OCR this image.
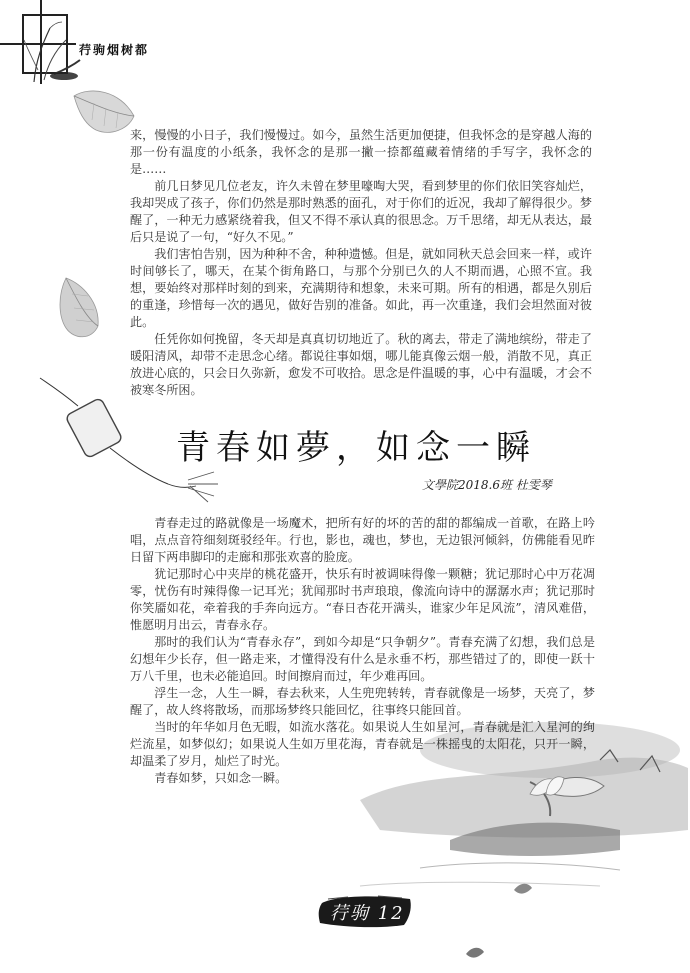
荇驹烟树都

来，慢慢的小日子，我们慢慢过。如今，虽然生活更加便捷，但我怀念的是穿越人海的那一份有温度的小纸条，我怀念的是那一撇一捺都蕴藏着情绪的手写字，我怀念的是……

前几日梦见几位老友，许久未曾在梦里嚎啕大哭，看到梦里的你们依旧笑容灿烂，我却哭成了孩子，你们仍然是那时熟悉的面孔，对于你们的近况，我却了解得很少。梦醒了，一种无力感紧绕着我，但又不得不承认真的很思念。万千思绪，却无从表达，最后只是说了一句，“好久不见。”

我们害怕告别，因为种种不舍，种种遗憾。但是，就如同秋天总会回来一样，或许时间够长了，哪天，在某个街角路口，与那个分别已久的人不期而遇，心照不宣。我想，要始终对那样时刻的到来，充满期待和想象，未来可期。所有的相遇，都是久别后的重逢，珍惜每一次的遇见，做好告别的准备。如此，再一次重逢，我们会坦然面对彼此。

任凭你如何挽留，冬天却是真真切切地近了。秋的离去，带走了满地缤纷，带走了暖阳清风，却带不走思念心绪。都说往事如烟，哪儿能真像云烟一般，消散不见，真正放进心底的，只会日久弥新，愈发不可收拾。思念是件温暖的事，心中有温暖，才会不被寒冬所困。

青春如夢，如念一瞬
文學院2018.6班 杜雯琴

青春走过的路就像是一场魔术，把所有好的坏的苦的甜的都编成一首歌，在路上吟唱，点点音符细刻斑驳经年。行也，影也，魂也，梦也，无边银河倾斜，仿佛能看见昨日留下两串脚印的走廊和那张欢喜的脸庞。

犹记那时心中夹岸的桃花盛开，快乐有时被调味得像一颗糖；犹记那时心中万花凋零，忧伤有时辣得像一记耳光；犹闻那时书声琅琅，像流向诗中的潺潺水声；犹记那时你笑靥如花，牵着我的手奔向远方。“春日杏花开满头，谁家少年足风流”，清风难借，惟愿明月出云，青春永存。

那时的我们认为“青春永存”，到如今却是“只争朝夕”。青春充满了幻想，我们总是幻想年少长存，但一路走来，才懂得没有什么是永垂不朽，那些错过了的，即使一跃十万八千里，也未必能追回。时间擦肩而过，年少难再回。

浮生一念，人生一瞬，春去秋来，人生兜兜转转，青春就像是一场梦，天亮了，梦醒了，故人终将散场，而那场梦终只能回忆，往事终只能回首。

当时的年华如月色无暇，如流水落花。如果说人生如星河，青春就是汇入星河的绚烂流星，如梦似幻；如果说人生如万里花海，青春就是一株摇曳的太阳花，只开一瞬，却温柔了岁月，灿烂了时光。

青春如梦，只如念一瞬。

荇驹 12
